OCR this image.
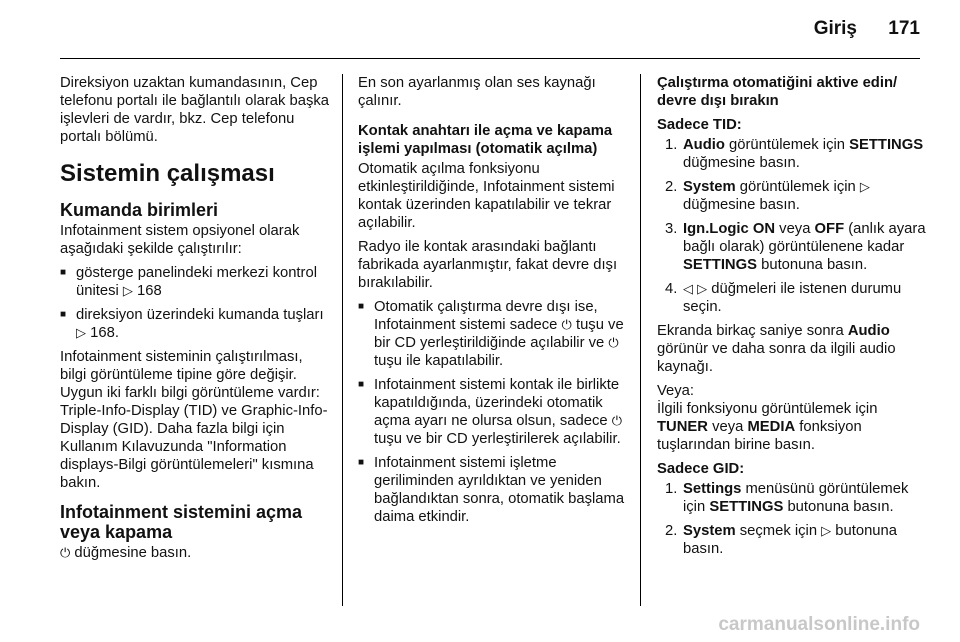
Giriş 171

Direksiyon uzaktan kumandasının, Cep telefonu portalı ile bağlantılı olarak başka işlevleri de vardır, bkz. Cep telefonu portalı bölümü.

Sistemin çalışması
Kumanda birimleri

Infotainment sistem opsiyonel olarak aşağıdaki şekilde çalıştırılır:

■ gösterge panelindeki merkezi kontrol ünitesi ▷ 168
■ direksiyon üzerindeki kumanda tuşları ▷ 168.

Infotainment sisteminin çalıştırılması, bilgi görüntüleme tipine göre değişir. Uygun iki farklı bilgi görüntüleme vardır: Triple-Info-Display (TID) ve Graphic-Info-Display (GID). Daha fazla bilgi için Kullanım Kılavuzunda "Information displays-Bilgi görüntülemeleri" kısmına bakın.

Infotainment sistemini açma veya kapama

⏻ düğmesine basın.

En son ayarlanmış olan ses kaynağı çalınır.

Kontak anahtarı ile açma ve kapama işlemi yapılması (otomatik açılma)

Otomatik açılma fonksiyonu etkinleştirildiğinde, Infotainment sistemi kontak üzerinden kapatılabilir ve tekrar açılabilir.

Radyo ile kontak arasındaki bağlantı fabrikada ayarlanmıştır, fakat devre dışı bırakılabilir.

■ Otomatik çalıştırma devre dışı ise, Infotainment sistemi sadece ⏻ tuşu ve bir CD yerleştirildiğinde açılabilir ve ⏻ tuşu ile kapatılabilir.
■ Infotainment sistemi kontak ile birlikte kapatıldığında, üzerindeki otomatik açma ayarı ne olursa olsun, sadece ⏻ tuşu ve bir CD yerleştirilerek açılabilir.
■ Infotainment sistemi işletme geriliminden ayrıldıktan ve yeniden bağlandıktan sonra, otomatik başlama daima etkindir.
Çalıştırma otomatiğini aktive edin/ devre dışı bırakın
Sadece TID:
1. Audio görüntülemek için SETTINGS düğmesine basın.
2. System görüntülemek için ▷ düğmesine basın.
3. Ign.Logic ON veya OFF (anlık ayara bağlı olarak) görüntülenene kadar SETTINGS butonuna basın.
4. ◁ ▷ düğmeleri ile istenen durumu seçin.

Ekranda birkaç saniye sonra Audio görünür ve daha sonra da ilgili audio kaynağı.

Veya:

İlgili fonksiyonu görüntülemek için TUNER veya MEDIA fonksiyon tuşlarından birine basın.

Sadece GID:
1. Settings menüsünü görüntülemek için SETTINGS butonuna basın.
2. System seçmek için ▷ butonuna basın.
carmanualsonline.info
